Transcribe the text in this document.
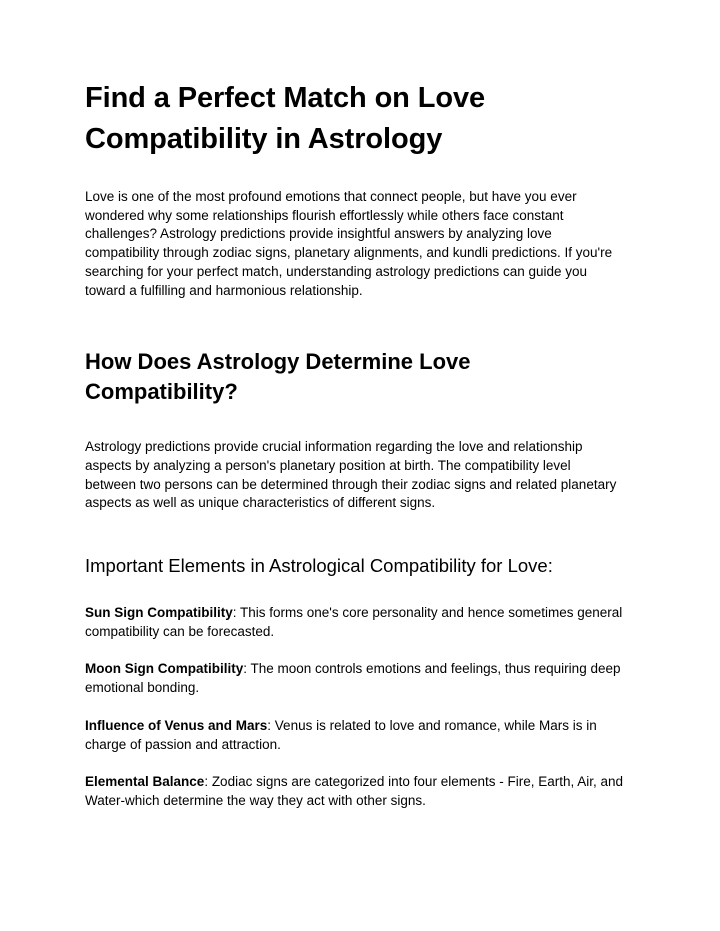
Find a Perfect Match on Love Compatibility in Astrology

Love is one of the most profound emotions that connect people, but have you ever wondered why some relationships flourish effortlessly while others face constant challenges? Astrology predictions provide insightful answers by analyzing love compatibility through zodiac signs, planetary alignments, and kundli predictions. If you're searching for your perfect match, understanding astrology predictions can guide you toward a fulfilling and harmonious relationship.

How Does Astrology Determine Love Compatibility?

Astrology predictions provide crucial information regarding the love and relationship aspects by analyzing a person's planetary position at birth. The compatibility level between two persons can be determined through their zodiac signs and related planetary aspects as well as unique characteristics of different signs.

Important Elements in Astrological Compatibility for Love:

Sun Sign Compatibility: This forms one's core personality and hence sometimes general compatibility can be forecasted.

Moon Sign Compatibility: The moon controls emotions and feelings, thus requiring deep emotional bonding.

Influence of Venus and Mars: Venus is related to love and romance, while Mars is in charge of passion and attraction.

Elemental Balance: Zodiac signs are categorized into four elements - Fire, Earth, Air, and Water-which determine the way they act with other signs.
